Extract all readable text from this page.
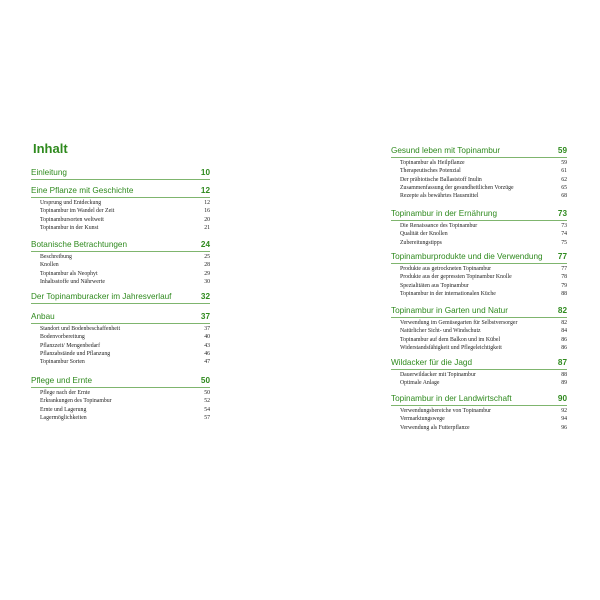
Inhalt
Einleitung	10
Eine Pflanze mit Geschichte	12
Ursprung und Entdeckung	12
Topinambur im Wandel der Zeit	16
Topinambursorten weltweit	20
Topinambur in der Kunst	21
Botanische Betrachtungen	24
Beschreibung	25
Knollen	28
Topinambur als Neophyt	29
Inhaltsstoffe und Nährwerte	30
Der Topinamburacker im Jahresverlauf	32
Anbau	37
Standort und Bodenbeschaffenheit	37
Bodenvorbereitung	40
Pflanzzeit/ Mengenbedarf	43
Pflanzabstände und Pflanzung	46
Topinambur Sorten	47
Pflege und Ernte	50
Pflege nach der Ernte	50
Erkrankungen des Topinambur	52
Ernte und Lagerung	54
Lagermöglichkeiten	57
Gesund leben mit Topinambur	59
Topinambur als Heilpflanze	59
Therapeutisches Potenzial	61
Der präbiotische Ballaststoff Inulin	62
Zusammenfassung der gesundheitlichen Vorzüge	65
Rezepte als bewährtes Hausmittel	68
Topinambur in der Ernährung	73
Die Renaissance des Topinambur	73
Qualität der Knollen	74
Zubereitungstipps	75
Topinamburprodukte und die Verwendung 77
Produkte aus getrockneten Topinambur	77
Produkte aus der gepressten Topinambur Knolle	78
Spezialitäten aus Topinambur	79
Topinambur in der internationalen Küche	88
Topinambur in Garten und Natur	82
Verwendung im Gemüsegarten für Selbstversorger	82
Natürlicher Sicht- und Windschutz	84
Topinambur auf dem Balkon und im Kübel	86
Widerstandsfähigkeit und Pflegeleichtigkeit	86
Wildacker für die Jagd	87
Dauerwildacker mit Topinambur	88
Optimale Anlage	89
Topinambur in der Landwirtschaft	90
Verwendungsbereiche von Topinambur	92
Vermarktungswege	94
Verwendung als Futterpflanze	96
